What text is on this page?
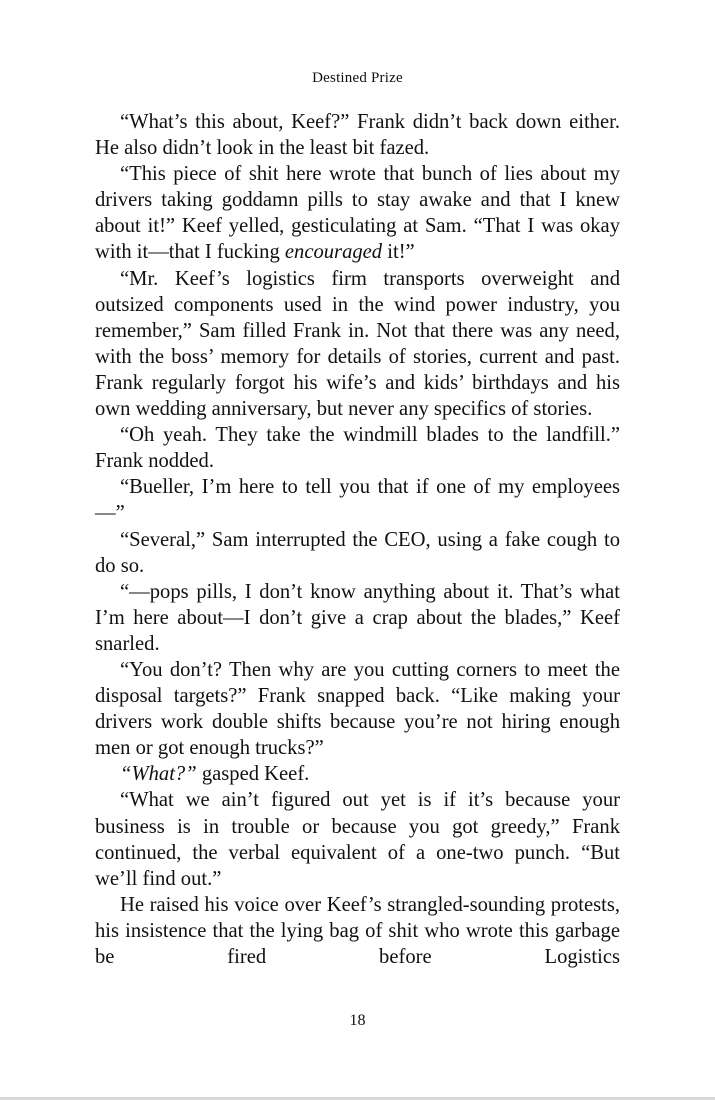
Destined Prize

“What’s this about, Keef?” Frank didn’t back down either. He also didn’t look in the least bit fazed.

“This piece of shit here wrote that bunch of lies about my drivers taking goddamn pills to stay awake and that I knew about it!” Keef yelled, gesticulating at Sam. “That I was okay with it—that I fucking encouraged it!”

“Mr. Keef’s logistics firm transports overweight and outsized components used in the wind power industry, you remember,” Sam filled Frank in. Not that there was any need, with the boss’ memory for details of stories, current and past. Frank regularly forgot his wife’s and kids’ birthdays and his own wedding anniversary, but never any specifics of stories.

“Oh yeah. They take the windmill blades to the landfill.” Frank nodded.

“Bueller, I’m here to tell you that if one of my employees—”

“Several,” Sam interrupted the CEO, using a fake cough to do so.

“—pops pills, I don’t know anything about it. That’s what I’m here about—I don’t give a crap about the blades,” Keef snarled.

“You don’t? Then why are you cutting corners to meet the disposal targets?” Frank snapped back. “Like making your drivers work double shifts because you’re not hiring enough men or got enough trucks?”

“What?” gasped Keef.

“What we ain’t figured out yet is if it’s because your business is in trouble or because you got greedy,” Frank continued, the verbal equivalent of a one-two punch. “But we’ll find out.”

He raised his voice over Keef’s strangled-sounding protests, his insistence that the lying bag of shit who wrote this garbage be fired before Logistics

18
